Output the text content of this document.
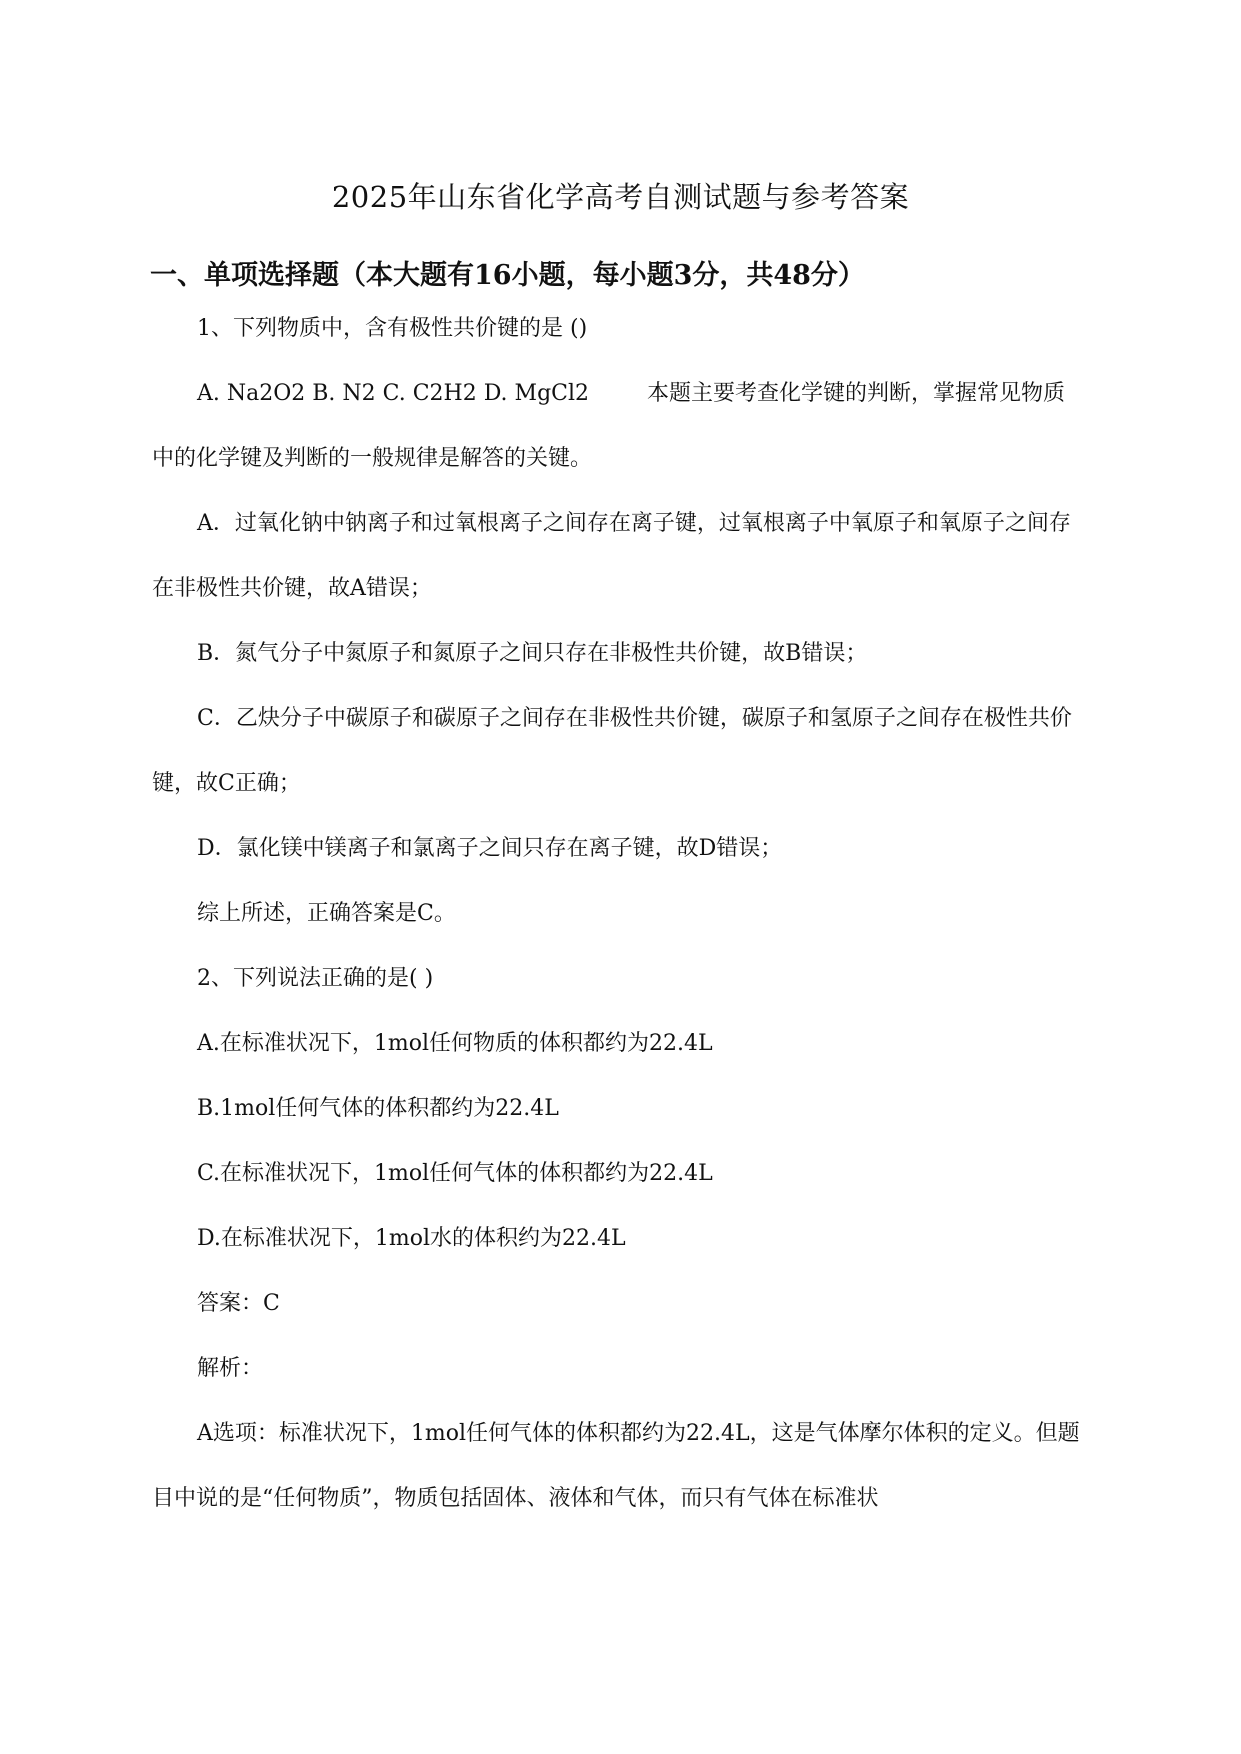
2025年山东省化学高考自测试题与参考答案
一、单项选择题（本大题有16小题，每小题3分，共48分）

1、下列物质中，含有极性共价键的是 ()

A. Na2O2 B. N2 C. C2H2 D. MgCl2	本题主要考查化学键的判断，掌握常见物质中的化学键及判断的一般规律是解答的关键。

A．过氧化钠中钠离子和过氧根离子之间存在离子键，过氧根离子中氧原子和氧原子之间存在非极性共价键，故A错误；

B．氮气分子中氮原子和氮原子之间只存在非极性共价键，故B错误；

C．乙炔分子中碳原子和碳原子之间存在非极性共价键，碳原子和氢原子之间存在极性共价键，故C正确；

D．氯化镁中镁离子和氯离子之间只存在离子键，故D错误；

综上所述，正确答案是C。

2、下列说法正确的是( )

A.在标准状况下，1mol任何物质的体积都约为22.4L

B.1mol任何气体的体积都约为22.4L

C.在标准状况下，1mol任何气体的体积都约为22.4L

D.在标准状况下，1mol水的体积约为22.4L

答案：C

解析：

A选项：标准状况下，1mol任何气体的体积都约为22.4L，这是气体摩尔体积的定义。但题目中说的是“任何物质”，物质包括固体、液体和气体，而只有气体在标准状
